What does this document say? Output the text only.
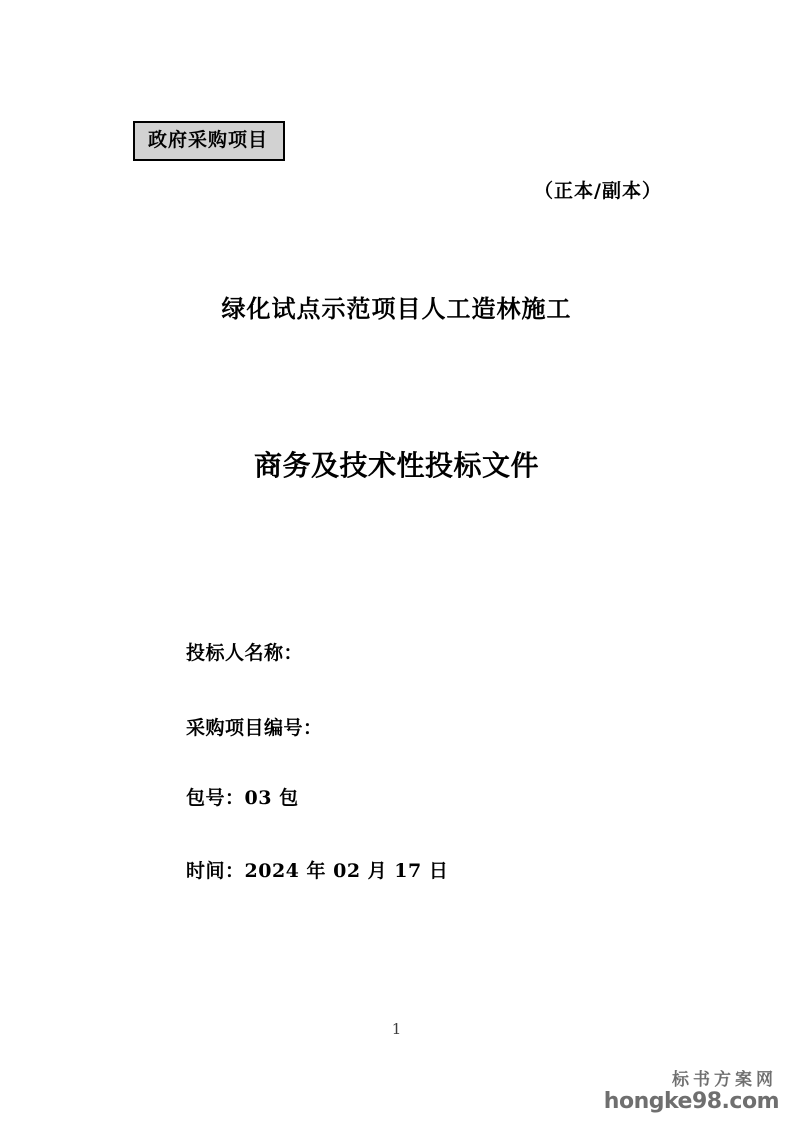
政府采购项目
（正本/副本）
绿化试点示范项目人工造林施工
商务及技术性投标文件
投标人名称：
采购项目编号：
包号：03 包
时间：2024 年 02 月 17 日
1
标书方案网
hongke98.com
